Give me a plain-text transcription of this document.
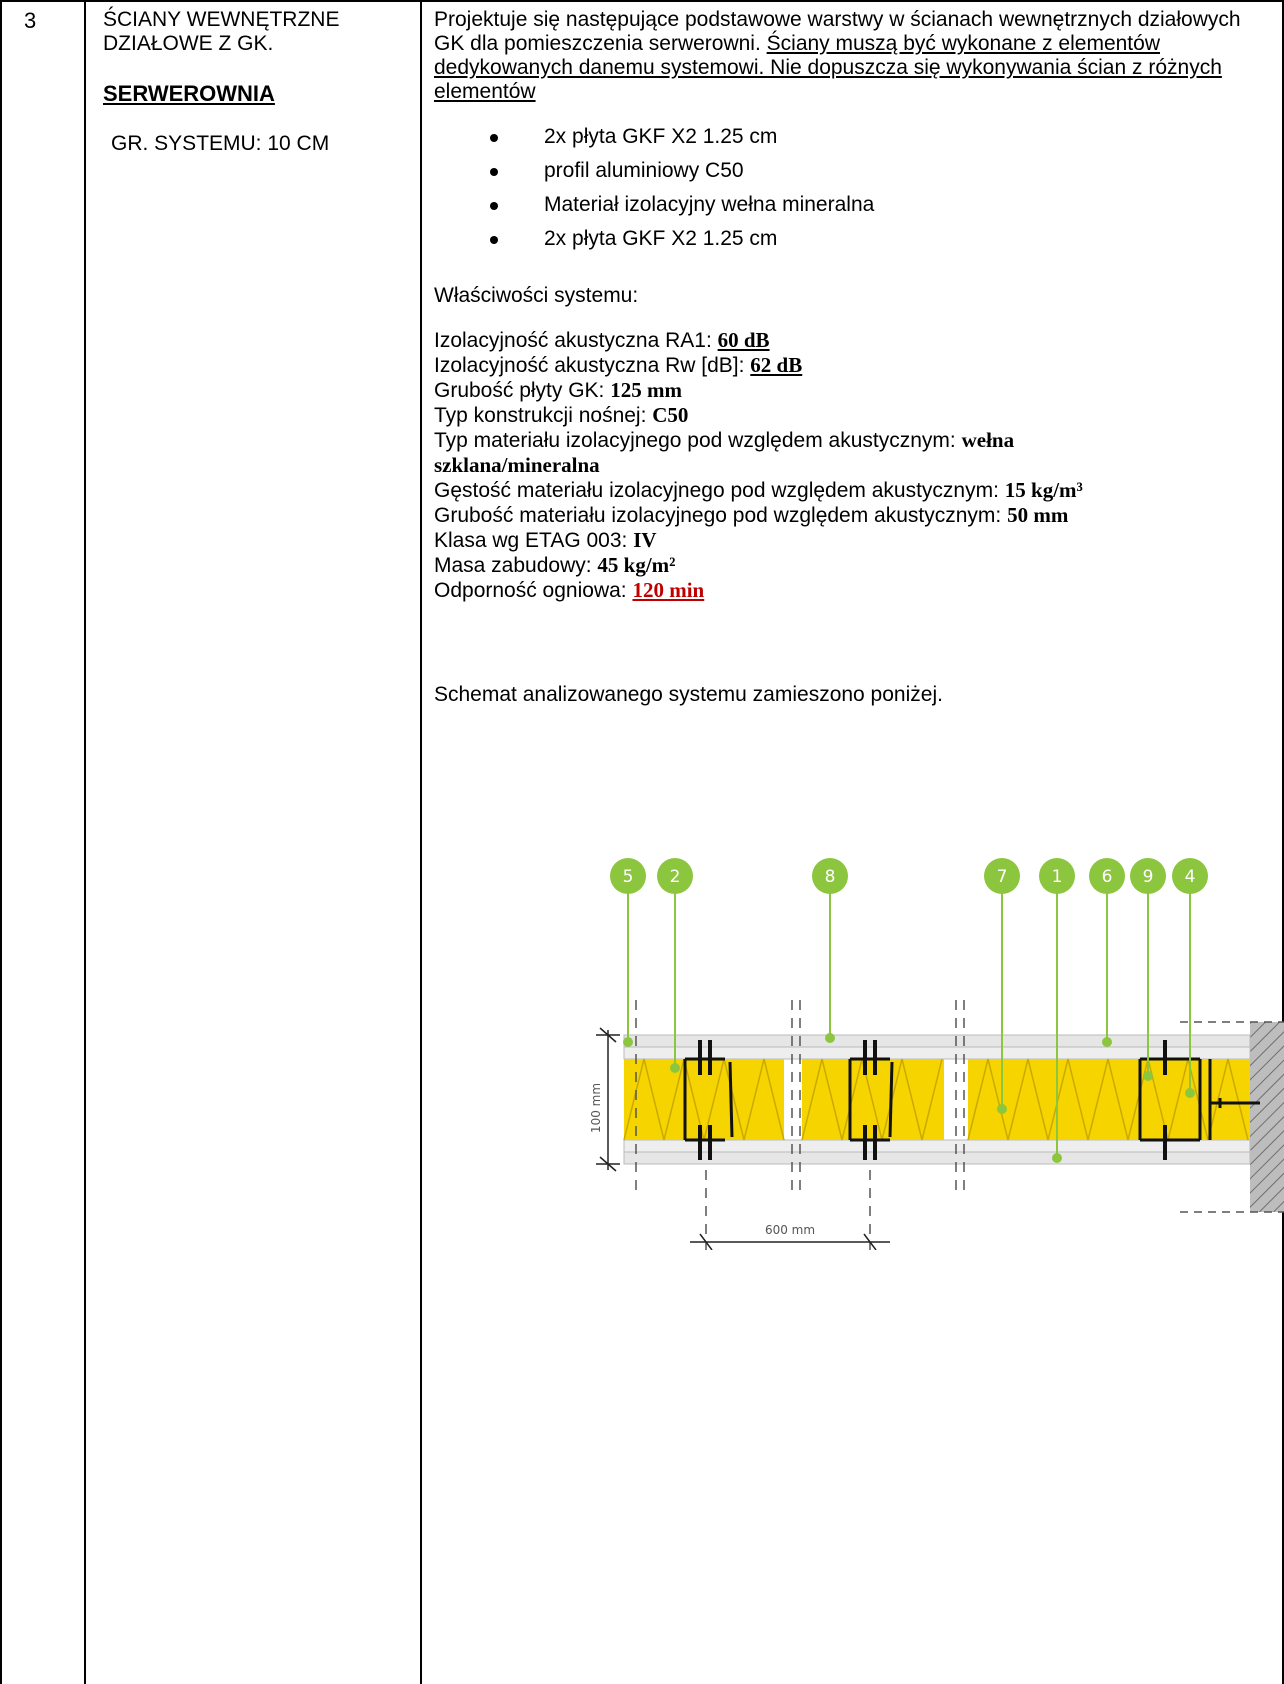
3	ŚCIANY WEWNĘTRZNE
DZIAŁOWE Z GK.
SERWEROWNIA
GR. SYSTEMU: 10 CM

Projektuje się następujące podstawowe warstwy w ścianach wewnętrznych działowych GK dla pomieszczenia serwerowni. Ściany muszą być wykonane z elementów dedykowanych danemu systemowi. Nie dopuszcza się wykonywania ścian z różnych elementów

2x płyta GKF X2 1.25 cm
profil aluminiowy C50
Materiał izolacyjny wełna mineralna
2x płyta GKF X2 1.25 cm

Właściwości systemu:

Izolacyjność akustyczna RA1: 60 dB
Izolacyjność akustyczna Rw [dB]: 62 dB
Grubość płyty GK: 125 mm
Typ konstrukcji nośnej: C50
Typ materiału izolacyjnego pod względem akustycznym: wełna
szklana/mineralna
Gęstość materiału izolacyjnego pod względem akustycznym: 15 kg/m³
Grubość materiału izolacyjnego pod względem akustycznym: 50 mm
Klasa wg ETAG 003: IV
Masa zabudowy: 45 kg/m²
Odporność ogniowa: 120 min

Schemat analizowanego systemu zamieszono poniżej.

100 mm
600 mm
5 2	8	7	1 6 9 4
